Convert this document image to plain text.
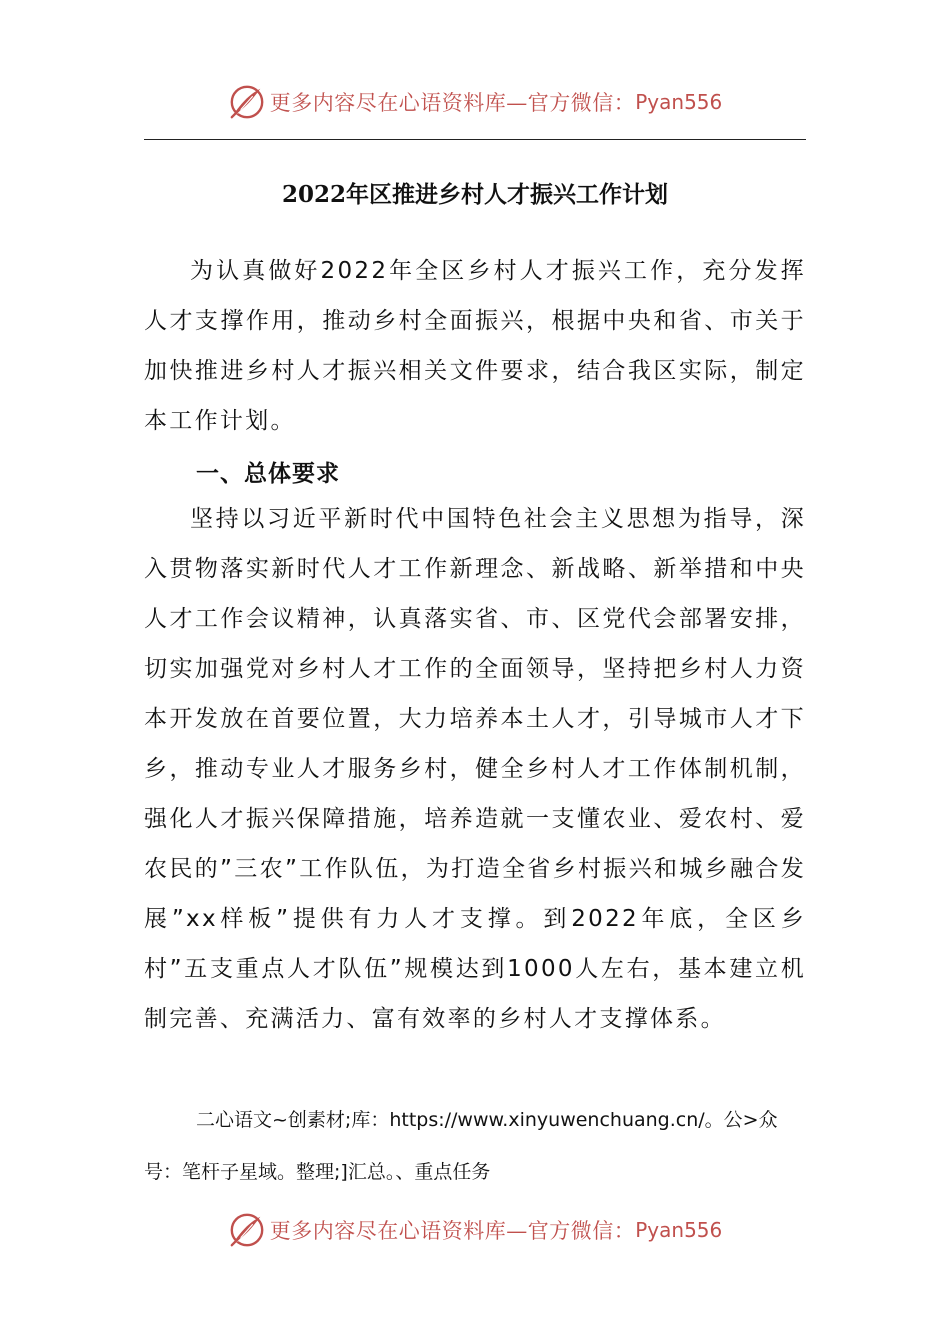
更多内容尽在心语资料库—官方微信： Pyan556
2022年区推进乡村人才振兴工作计划

为认真做好2022年全区乡村人才振兴工作，充分发挥人才支撑作用，推动乡村全面振兴，根据中央和省、市关于加快推进乡村人才振兴相关文件要求，结合我区实际，制定本工作计划。

一、总体要求

坚持以习近平新时代中国特色社会主义思想为指导，深入贯物落实新时代人才工作新理念、新战略、新举措和中央人才工作会议精神，认真落实省、市、区党代会部署安排，切实加强党对乡村人才工作的全面领导，坚持把乡村人力资本开发放在首要位置，大力培养本土人才，引导城市人才下乡，推动专业人才服务乡村，健全乡村人才工作体制机制，强化人才振兴保障措施，培养造就一支懂农业、爱农村、爱农民的”三农”工作队伍，为打造全省乡村振兴和城乡融合发展”xx样板”提供有力人才支撑。到2022年底，全区乡村”五支重点人才队伍”规模达到1000人左右，基本建立机制完善、充满活力、富有效率的乡村人才支撑体系。

二心语文~创素材;库：https://www.xinyuwenchuang.cn/。公>众号：笔杆子星域。整理;]汇总。、重点任务
更多内容尽在心语资料库—官方微信： Pyan556
